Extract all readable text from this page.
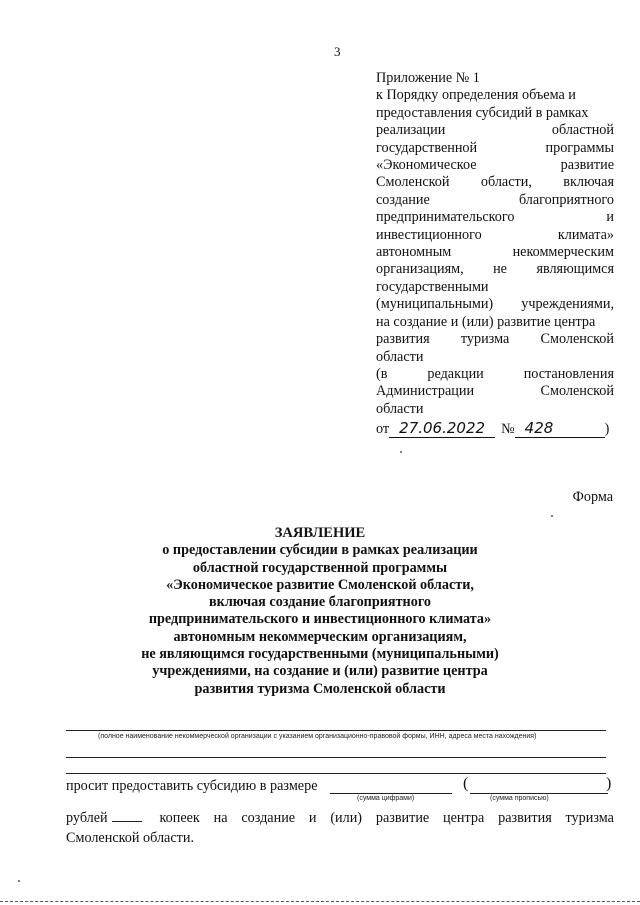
3
Приложение № 1
к Порядку определения объема и
предоставления субсидий в рамках
реализации	областной
государственной	программы
«Экономическое	развитие
Смоленской области, включая
создание	благоприятного
предпринимательского	и
инвестиционного	климата»
автономным	некоммерческим
организациям, не являющимся
государственными
(муниципальными) учреждениями,
на создание и (или) развитие центра
развития туризма Смоленской
области
(в	редакции	постановления
Администрации	Смоленской
области
от 27.06.2022	№ 428	)
Форма
ЗАЯВЛЕНИЕ
о предоставлении субсидии в рамках реализации
областной государственной программы
«Экономическое развитие Смоленской области,
включая создание благоприятного
предпринимательского и инвестиционного климата»
автономным некоммерческим организациям,
не являющимся государственными (муниципальными)
учреждениями, на создание и (или) развитие центра
развития туризма Смоленской области
(полное наименование некоммерческой организации с указанием организационно-правовой формы, ИНН, адреса места нахождения)
просит предоставить субсидию в размере	(	)
(сумма цифрами)	(сумма прописью)
рублей	копеек на создание и (или) развитие центра развития туризма
Смоленской области.
